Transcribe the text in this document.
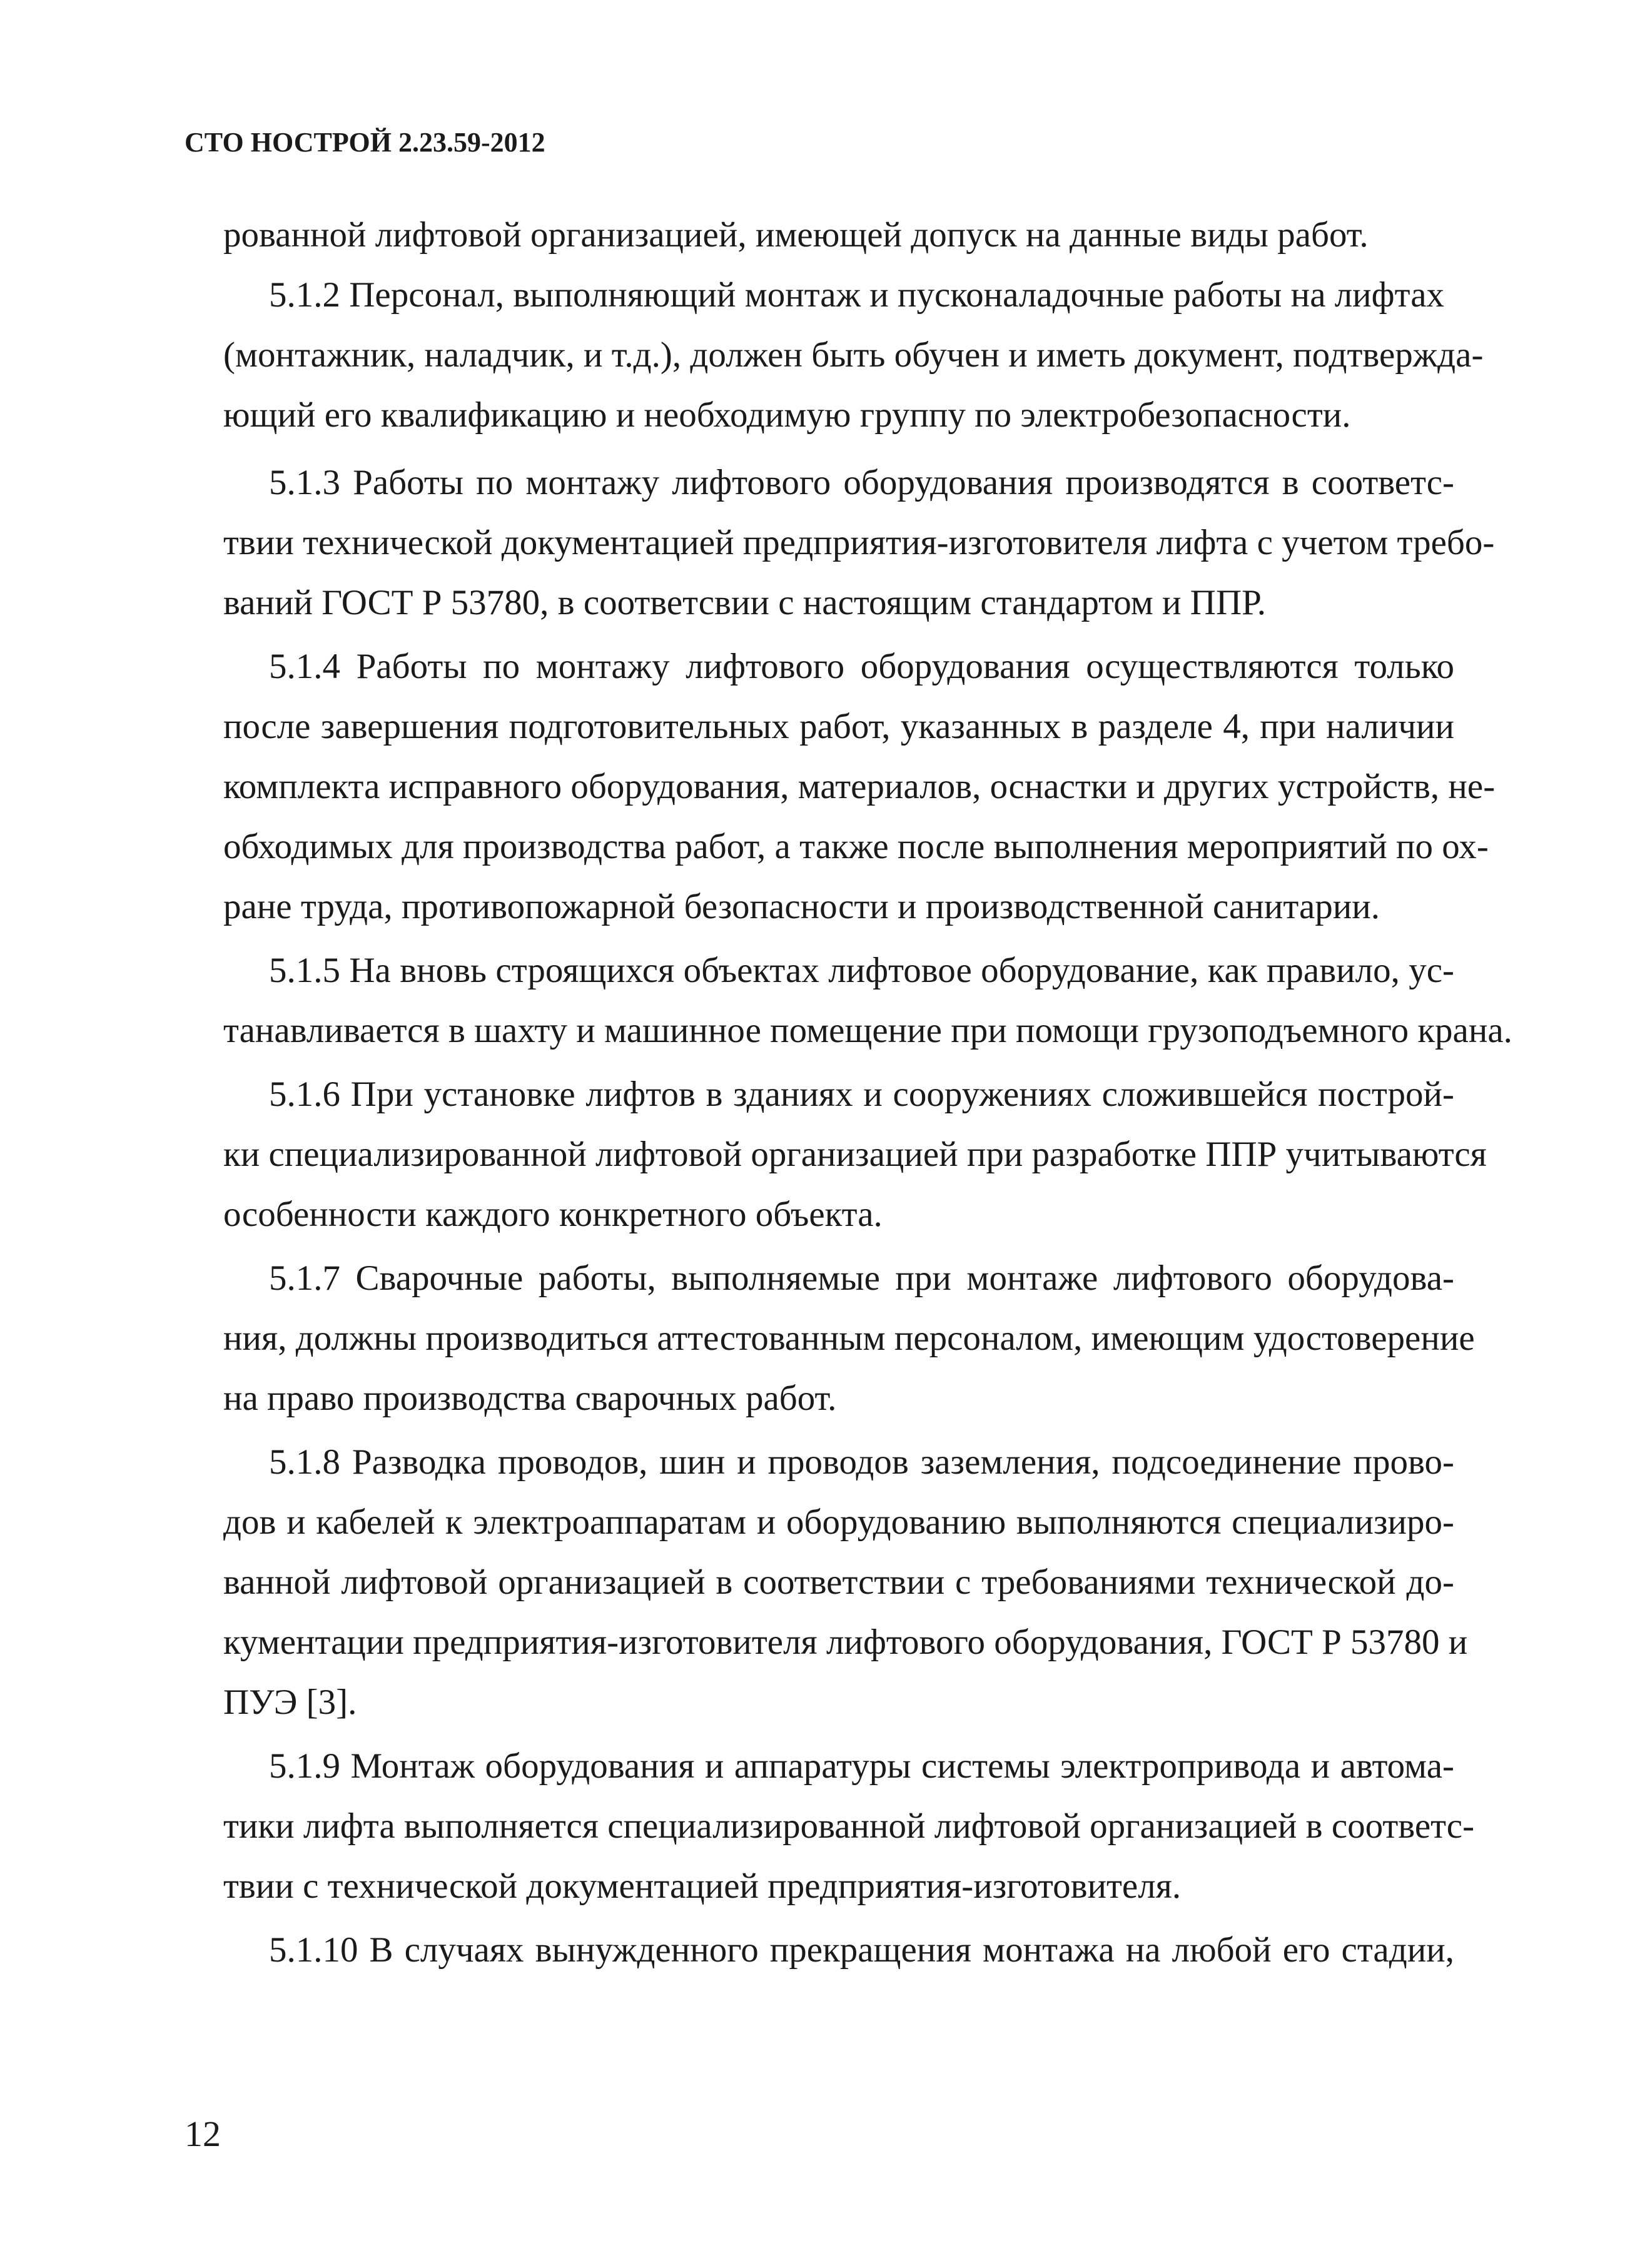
СТО НОСТРОЙ 2.23.59-2012
рованной лифтовой организацией, имеющей допуск на данные виды работ.
5.1.2 Персонал, выполняющий монтаж и пусконаладочные работы на лифтах
(монтажник, наладчик, и т.д.), должен быть обучен и иметь документ, подтвержда-
ющий его квалификацию и необходимую группу по электробезопасности.
5.1.3 Работы по монтажу лифтового оборудования производятся в соответс-
твии технической документацией предприятия-изготовителя лифта с учетом требо-
ваний ГОСТ Р 53780, в соответсвии с настоящим стандартом и ППР.
5.1.4 Работы по монтажу лифтового оборудования осуществляются только
после завершения подготовительных работ, указанных в разделе 4, при наличии
комплекта исправного оборудования, материалов, оснастки и других устройств, не-
обходимых для производства работ, а также после выполнения мероприятий по ох-
ране труда, противопожарной безопасности и производственной санитарии.
5.1.5 На вновь строящихся объектах лифтовое оборудование, как правило, ус-
танавливается в шахту и машинное помещение при помощи грузоподъемного крана.
5.1.6 При установке лифтов в зданиях и сооружениях сложившейся построй-
ки специализированной лифтовой организацией при разработке ППР учитываются
особенности каждого конкретного объекта.
5.1.7 Сварочные работы, выполняемые при монтаже лифтового оборудова-
ния, должны производиться аттестованным персоналом, имеющим удостоверение
на право производства сварочных работ.
5.1.8 Разводка проводов, шин и проводов заземления, подсоединение прово-
дов и кабелей к электроаппаратам и оборудованию выполняются специализиро-
ванной лифтовой организацией в соответствии с требованиями технической до-
кументации предприятия-изготовителя лифтового оборудования, ГОСТ Р 53780 и
ПУЭ [3].
5.1.9 Монтаж оборудования и аппаратуры системы электропривода и автома-
тики лифта выполняется специализированной лифтовой организацией в соответс-
твии с технической документацией предприятия-изготовителя.
5.1.10 В случаях вынужденного прекращения монтажа на любой его стадии,
12
